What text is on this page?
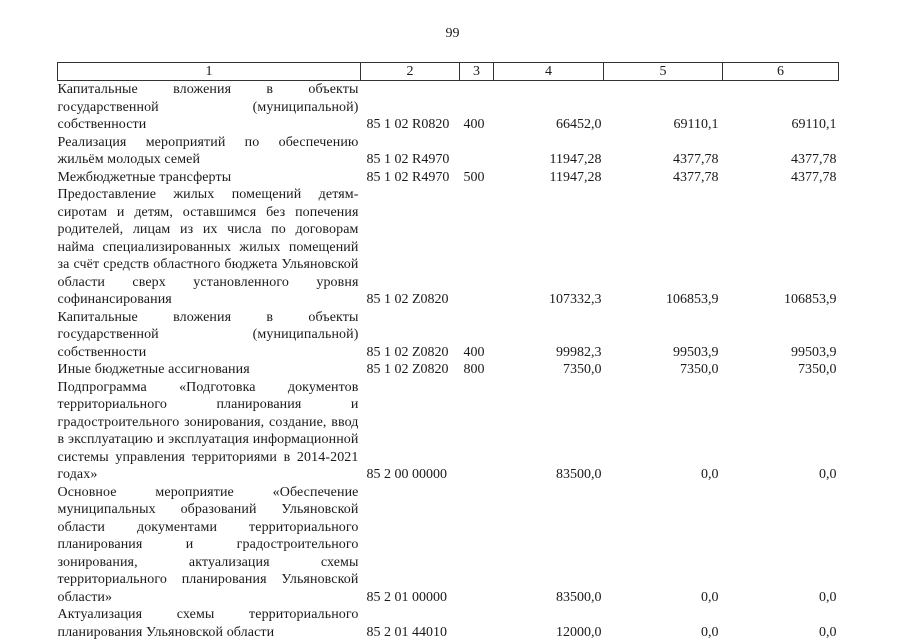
99
1	2	3	4	5	6
Капитальные вложения в объекты государственной (муниципальной) собственности	85 1 02 R0820	400	66452,0	69110,1	69110,1
Реализация мероприятий по обеспечению жильём молодых семей	85 1 02 R4970		11947,28	4377,78	4377,78
Межбюджетные трансферты	85 1 02 R4970	500	11947,28	4377,78	4377,78
Предоставление жилых помещений детям-сиротам и детям, оставшимся без попечения родителей, лицам из их числа по договорам найма специализированных жилых помещений за счёт средств областного бюджета Ульяновской области сверх установленного уровня софинансирования	85 1 02 Z0820		107332,3	106853,9	106853,9
Капитальные вложения в объекты государственной (муниципальной) собственности	85 1 02 Z0820	400	99982,3	99503,9	99503,9
Иные бюджетные ассигнования	85 1 02 Z0820	800	7350,0	7350,0	7350,0
Подпрограмма «Подготовка документов территориального планирования и градостроительного зонирования, создание, ввод в эксплуатацию и эксплуатация информационной системы управления территориями в 2014-2021 годах»	85 2 00 00000		83500,0	0,0	0,0
Основное мероприятие «Обеспечение муниципальных образований Ульяновской области документами территориального планирования и градостроительного зонирования, актуализация схемы территориального планирования Ульяновской области»	85 2 01 00000		83500,0	0,0	0,0
Актуализация схемы территориального планирования Ульяновской области	85 2 01 44010		12000,0	0,0	0,0
